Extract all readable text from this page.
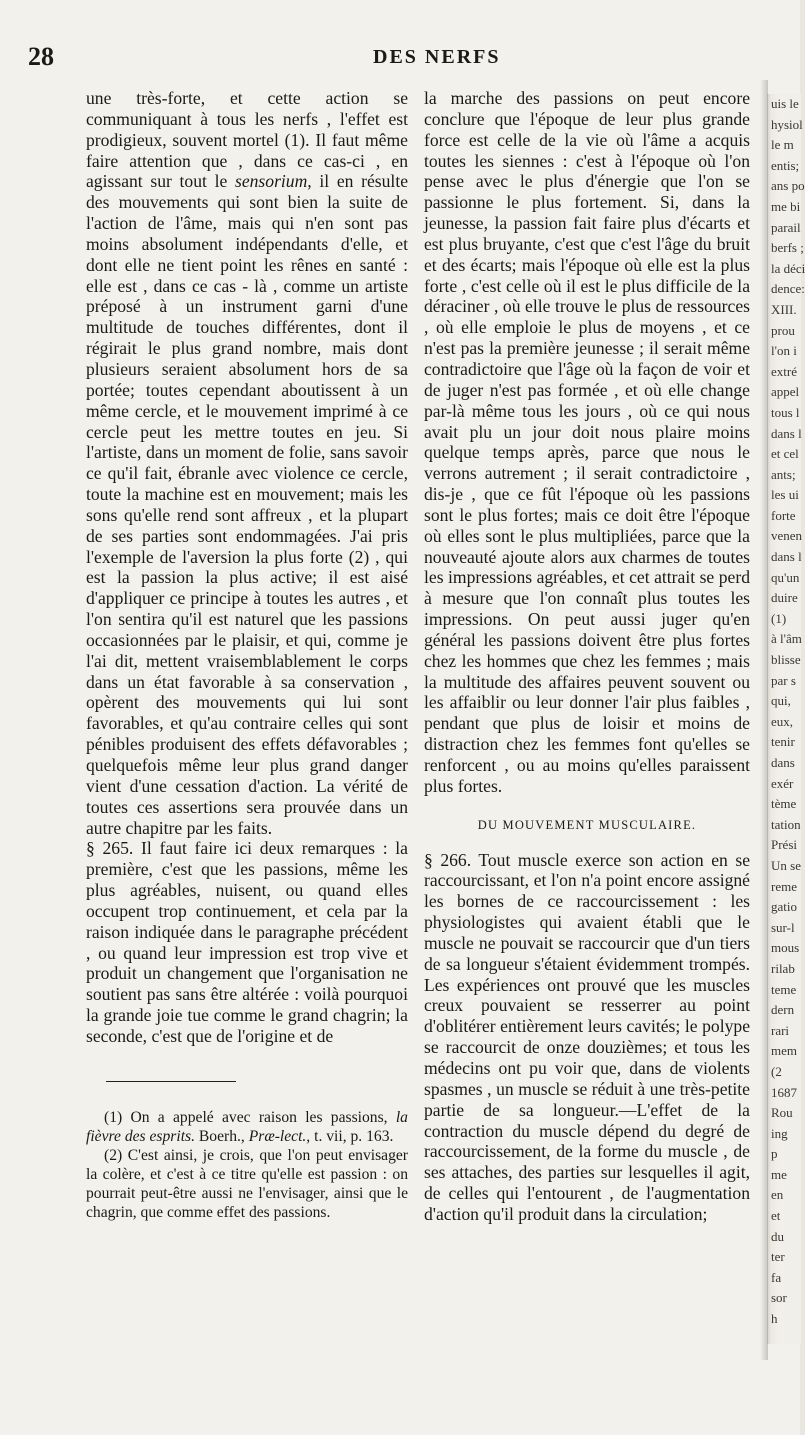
28	DES NERFS

une très-forte, et cette action se communiquant à tous les nerfs , l'effet est prodigieux, souvent mortel (1). Il faut même faire attention que , dans ce cas-ci , en agissant sur tout le sensorium, il en résulte des mouvements qui sont bien la suite de l'action de l'âme, mais qui n'en sont pas moins absolument indépendants d'elle, et dont elle ne tient point les rênes en santé : elle est , dans ce cas - là , comme un artiste préposé à un instrument garni d'une multitude de touches différentes, dont il régirait le plus grand nombre, mais dont plusieurs seraient absolument hors de sa portée; toutes cependant aboutissent à un même cercle, et le mouvement imprimé à ce cercle peut les mettre toutes en jeu. Si l'artiste, dans un moment de folie, sans savoir ce qu'il fait, ébranle avec violence ce cercle, toute la machine est en mouvement; mais les sons qu'elle rend sont affreux , et la plupart de ses parties sont endommagées. J'ai pris l'exemple de l'aversion la plus forte (2) , qui est la passion la plus active; il est aisé d'appliquer ce principe à toutes les autres , et l'on sentira qu'il est naturel que les passions occasionnées par le plaisir, et qui, comme je l'ai dit, mettent vraisemblablement le corps dans un état favorable à sa conservation , opèrent des mouvements qui lui sont favorables, et qu'au contraire celles qui sont pénibles produisent des effets défavorables ; quelquefois même leur plus grand danger vient d'une cessation d'action. La vérité de toutes ces assertions sera prouvée dans un autre chapitre par les faits.

§ 265. Il faut faire ici deux remarques : la première, c'est que les passions, même les plus agréables, nuisent, ou quand elles occupent trop continuement, et cela par la raison indiquée dans le paragraphe précédent , ou quand leur impression est trop vive et produit un changement que l'organisation ne soutient pas sans être altérée : voilà pourquoi la grande joie tue comme le grand chagrin; la seconde, c'est que de l'origine et de

(1) On a appelé avec raison les passions, la fièvre des esprits. Boerh., Præ-lect., t. vii, p. 163.

(2) C'est ainsi, je crois, que l'on peut envisager la colère, et c'est à ce titre qu'elle est passion : on pourrait peut-être aussi ne l'envisager, ainsi que le chagrin, que comme effet des passions.

la marche des passions on peut encore conclure que l'époque de leur plus grande force est celle de la vie où l'âme a acquis toutes les siennes : c'est à l'époque où l'on pense avec le plus d'énergie que l'on se passionne le plus fortement. Si, dans la jeunesse, la passion fait faire plus d'écarts et est plus bruyante, c'est que c'est l'âge du bruit et des écarts; mais l'époque où elle est la plus forte , c'est celle où il est le plus difficile de la déraciner , où elle trouve le plus de ressources , où elle emploie le plus de moyens , et ce n'est pas la première jeunesse ; il serait même contradictoire que l'âge où la façon de voir et de juger n'est pas formée , et où elle change par-là même tous les jours , où ce qui nous avait plu un jour doit nous plaire moins quelque temps après, parce que nous le verrons autrement ; il serait contradictoire , dis-je , que ce fût l'époque où les passions sont le plus fortes; mais ce doit être l'époque où elles sont le plus multipliées, parce que la nouveauté ajoute alors aux charmes de toutes les impressions agréables, et cet attrait se perd à mesure que l'on connaît plus toutes les impressions. On peut aussi juger qu'en général les passions doivent être plus fortes chez les hommes que chez les femmes ; mais la multitude des affaires peuvent souvent ou les affaiblir ou leur donner l'air plus faibles , pendant que plus de loisir et moins de distraction chez les femmes font qu'elles se renforcent , ou au moins qu'elles paraissent plus fortes.

DU MOUVEMENT MUSCULAIRE.

§ 266. Tout muscle exerce son action en se raccourcissant, et l'on n'a point encore assigné les bornes de ce raccourcissement : les physiologistes qui avaient établi que le muscle ne pouvait se raccourcir que d'un tiers de sa longueur s'étaient évidemment trompés. Les expériences ont prouvé que les muscles creux pouvaient se resserrer au point d'oblitérer entièrement leurs cavités; le polype se raccourcit de onze douzièmes; et tous les médecins ont pu voir que, dans de violents spasmes , un muscle se réduit à une très-petite partie de sa longueur.—L'effet de la contraction du muscle dépend du degré de raccourcissement, de la forme du muscle , de ses attaches, des parties sur lesquelles il agit, de celles qui l'entourent , de l'augmentation d'action qu'il produit dans la circulation;

uis le
hysiol
le m
entis;
ans po
me bi
parail
berfs ;
la déci
dence:
XIII.
prou
l'on i
extré
appel
tous l
dans l
et cel
ants;
les ui
forte
venen
dans l
qu'un
duire
(1)
à l'âm
blisse
par s
qui,
eux,
tenir
dans
exér
tème
tation
Prési
Un se
reme
gatio
sur-l
mous
rilab
teme
dern
rari
mem
(2
1687
Rou
ing
p
me
en
et
du
ter
fa
sor
h
